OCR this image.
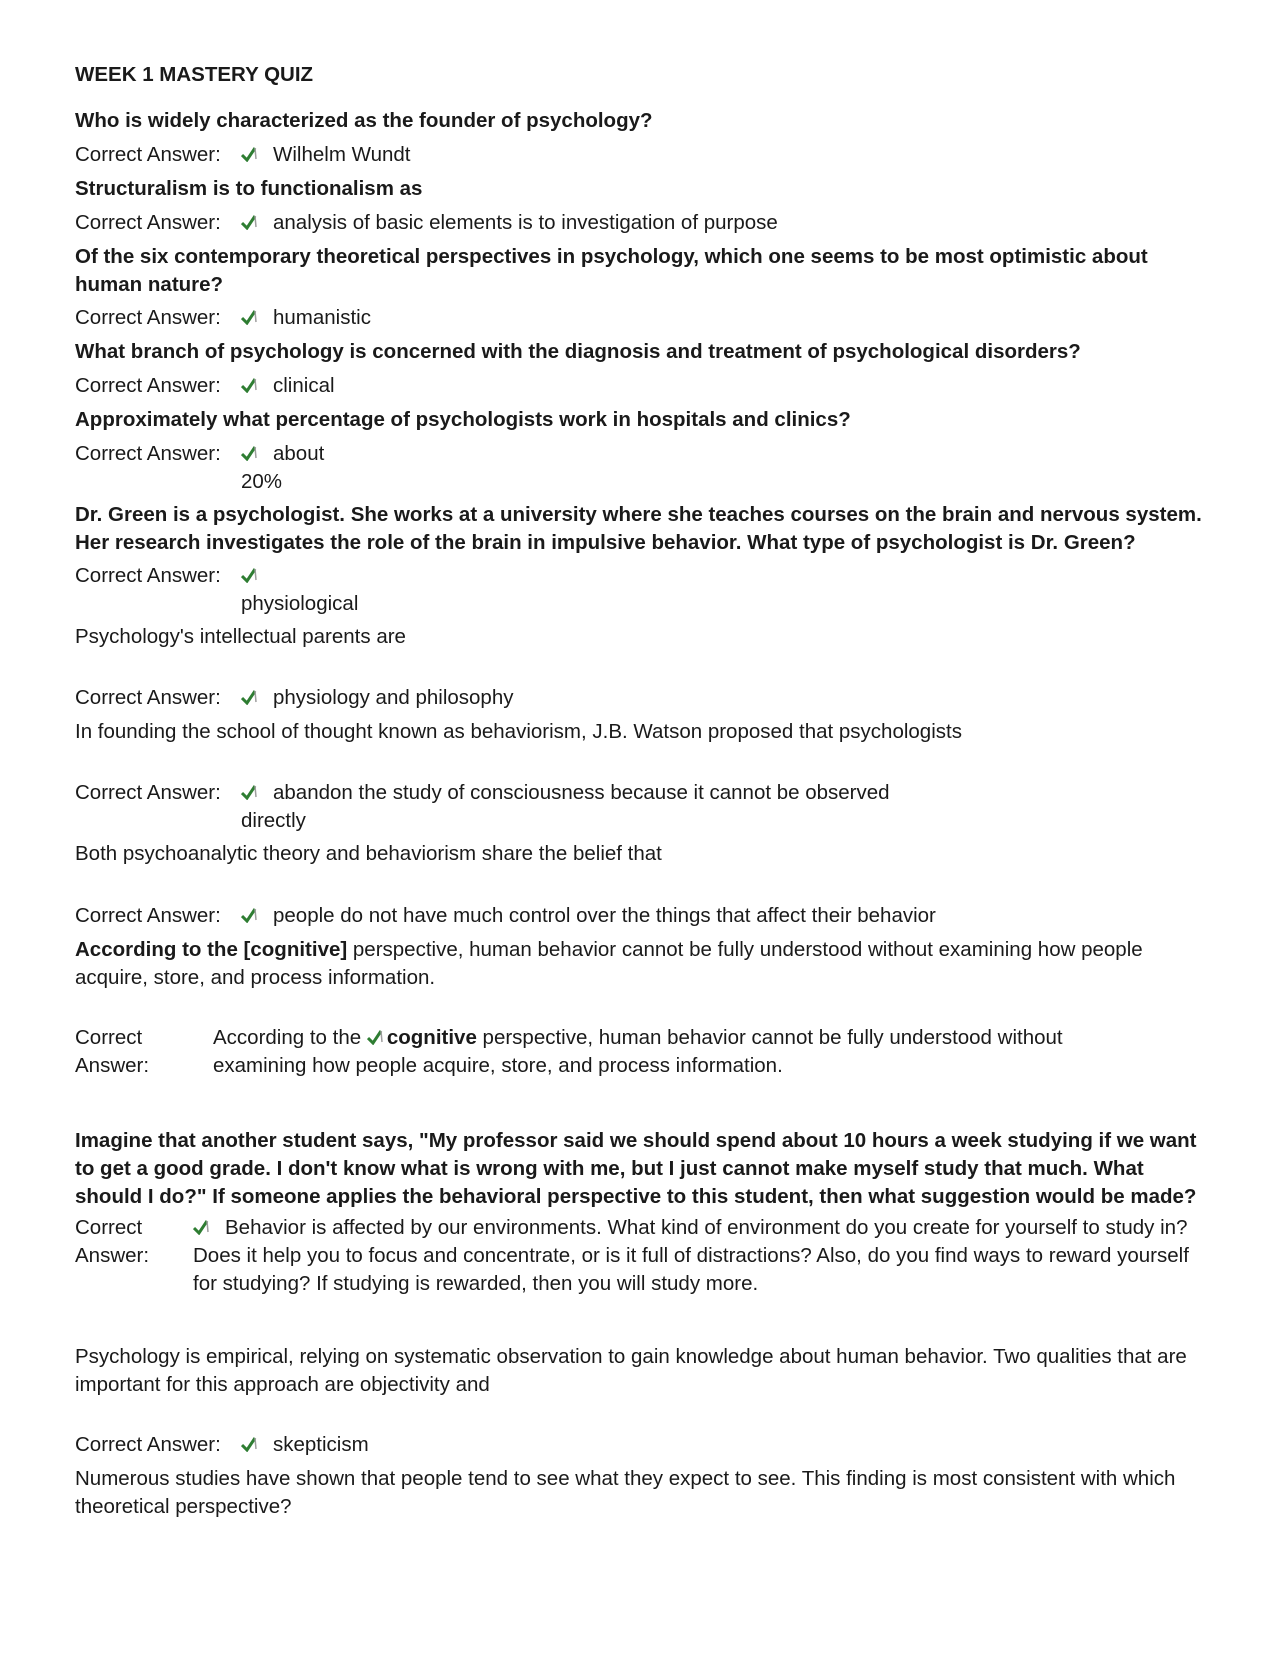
WEEK 1 MASTERY QUIZ
Who is widely characterized as the founder of psychology?
Correct Answer:	Wilhelm Wundt
Structuralism is to functionalism as
Correct Answer:	analysis of basic elements is to investigation of purpose
Of the six contemporary theoretical perspectives in psychology, which one seems to be most optimistic about human nature?
Correct Answer:	humanistic
What branch of psychology is concerned with the diagnosis and treatment of psychological disorders?
Correct Answer:	clinical
Approximately what percentage of psychologists work in hospitals and clinics?
Correct Answer:	about
20%
Dr. Green is a psychologist. She works at a university where she teaches courses on the brain and nervous system. Her research investigates the role of the brain in impulsive behavior. What type of psychologist is Dr. Green?
Correct Answer:
physiological
Psychology's intellectual parents are
Correct Answer:	physiology and philosophy
In founding the school of thought known as behaviorism, J.B. Watson proposed that psychologists
Correct Answer:	abandon the study of consciousness because it cannot be observed
directly
Both psychoanalytic theory and behaviorism share the belief that
Correct Answer:	people do not have much control over the things that affect their behavior
According to the [cognitive] perspective, human behavior cannot be fully understood without examining how people acquire, store, and process information.
Correct
Answer:
According to the cognitive perspective, human behavior cannot be fully understood without examining how people acquire, store, and process information.
Imagine that another student says, "My professor said we should spend about 10 hours a week studying if we want to get a good grade. I don't know what is wrong with me, but I just cannot make myself study that much. What should I do?" If someone applies the behavioral perspective to this student, then what suggestion would be made?
Correct
Answer:
Behavior is affected by our environments. What kind of environment do you create for yourself to study in? Does it help you to focus and concentrate, or is it full of distractions? Also, do you find ways to reward yourself for studying? If studying is rewarded, then you will study more.
Psychology is empirical, relying on systematic observation to gain knowledge about human behavior. Two qualities that are important for this approach are objectivity and
Correct Answer:	skepticism
Numerous studies have shown that people tend to see what they expect to see. This finding is most consistent with which theoretical perspective?
